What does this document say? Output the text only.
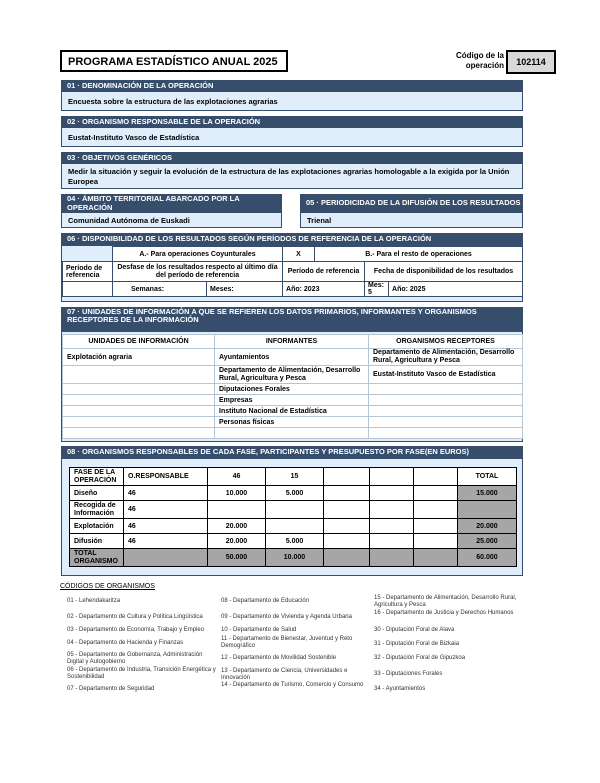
PROGRAMA ESTADÍSTICO ANUAL 2025
Código de la operación	102114
01 · DENOMINACIÓN DE LA OPERACIÓN
Encuesta sobre la estructura de las explotaciones agrarias
02 · ORGANISMO RESPONSABLE DE LA OPERACIÓN
Eustat-Instituto Vasco de Estadística
03 · OBJETIVOS GENÉRICOS
Medir la situación y seguir la evolución de la estructura de las explotaciones agrarias homologable a la exigida por la Unión Europea
04 · ÁMBITO TERRITORIAL ABARCADO POR LA OPERACIÓN
Comunidad Autónoma de Euskadi
05 · PERIODICIDAD DE LA DIFUSIÓN DE LOS RESULTADOS
Trienal
06 · DISPONIBILIDAD DE LOS RESULTADOS SEGÚN PERÍODOS DE REFERENCIA DE LA OPERACIÓN
	A.- Para operaciones Coyunturales		X	B.- Para el resto de operaciones		
Período de referencia	Desfase de los resultados respecto al último día del período de referencia		Período de referencia		Fecha de disponibilidad de los resultados	
	Semanas:	Meses:	Año: 2023		Mes: 5	Año: 2025
07 · UNIDADES DE INFORMACIÓN A QUE SE REFIEREN LOS DATOS PRIMARIOS, INFORMANTES Y ORGANISMOS RECEPTORES DE LA INFORMACIÓN
UNIDADES DE INFORMACIÓN	INFORMANTES	ORGANISMOS RECEPTORES
Explotación agraria	Ayuntamientos	Departamento de Alimentación, Desarrollo Rural, Agricultura y Pesca
	Departamento de Alimentación, Desarrollo Rural, Agricultura y Pesca	Eustat-Instituto Vasco de Estadística
	Diputaciones Forales	
	Empresas	
	Instituto Nacional de Estadística	
	Personas físicas	

08 · ORGANISMOS RESPONSABLES DE CADA FASE, PARTICIPANTES Y PRESUPUESTO POR FASE(EN EUROS)
FASE DE LA OPERACIÓN	O.RESPONSABLE	46	15				TOTAL
Diseño	46	10.000	5.000				15.000
Recogida de Información	46						
Explotación	46	20.000					20.000
Difusión	46	20.000	5.000				25.000
TOTAL ORGANISMO		50.000	10.000				60.000
CÓDIGOS DE ORGANISMOS
01 - Lehendakaritza
02 - Departamento de Cultura y Política Lingüística
03 - Departamento de Economía, Trabajo y Empleo
04 - Departamento de Hacienda y Finanzas
05 - Departamento de Gobernanza, Administración Digital y Autogobierno
06 - Departamento de Industria, Transición Energética y Sostenibilidad
07 - Departamento de Seguridad
08 - Departamento de Educación
09 - Departamento de Vivienda y Agenda Urbana
10 - Departamento de Salud
11 - Departamento de Bienestar, Juventud y Reto Demográfico
12 - Departamento de Movilidad Sostenible
13 - Departamento de Ciencia, Universidades e Innovación
14 - Departamento de Turismo, Comercio y Consumo
15 - Departamento de Alimentación, Desarrollo Rural, Agricultura y Pesca
16 - Departamento de Justicia y Derechos Humanos
30 - Diputación Foral de Alava
31 - Diputación Foral de Bizkaia
32 - Diputación Foral de Gipuzkoa
33 - Diputaciones Forales
34 - Ayuntamientos
